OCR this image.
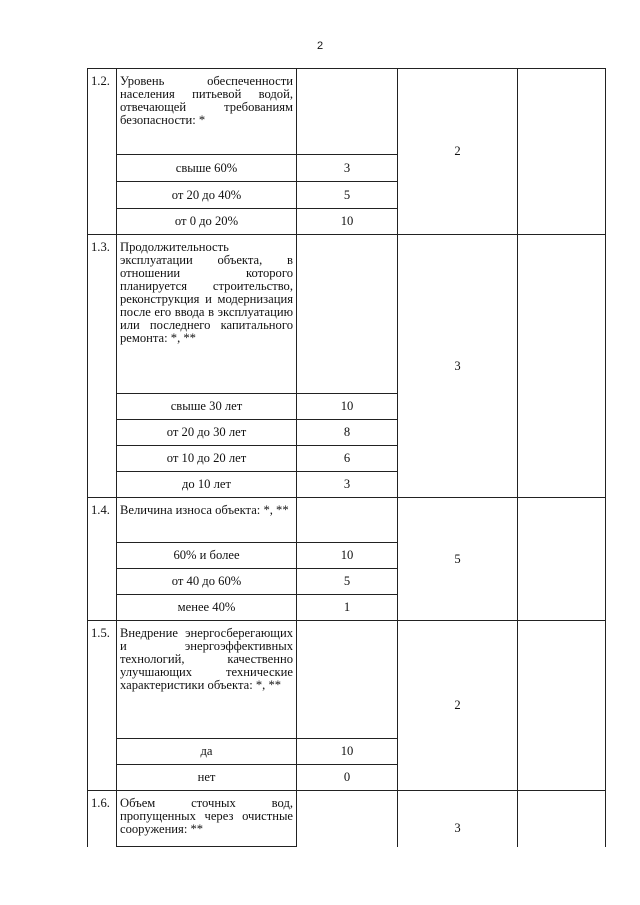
2
1.2.	Уровень обеспеченности населения питьевой водой, отвечающей требованиям безопасности: *		2	
	свыше 60%	3		
	от 20 до 40%	5		
	от 0 до 20%	10		
1.3.	Продолжительность эксплуатации объекта, в отношении которого планируется строительство, реконструкция и модернизация после его ввода в эксплуатацию или последнего капитального ремонта: *, **		3	
	свыше 30 лет	10		
	от 20 до 30 лет	8		
	от 10 до 20 лет	6		
	до 10 лет	3		
1.4.	Величина износа объекта: *, **		5	
	60% и более	10		
	от 40 до 60%	5		
	менее 40%	1		
1.5.	Внедрение энергосберегающих и энергоэффективных технологий, качественно улучшающих технические характеристики объекта: *, **		2	
	да	10		
	нет	0		
1.6.	Объем сточных вод, пропущенных через очистные сооружения: **		3	
